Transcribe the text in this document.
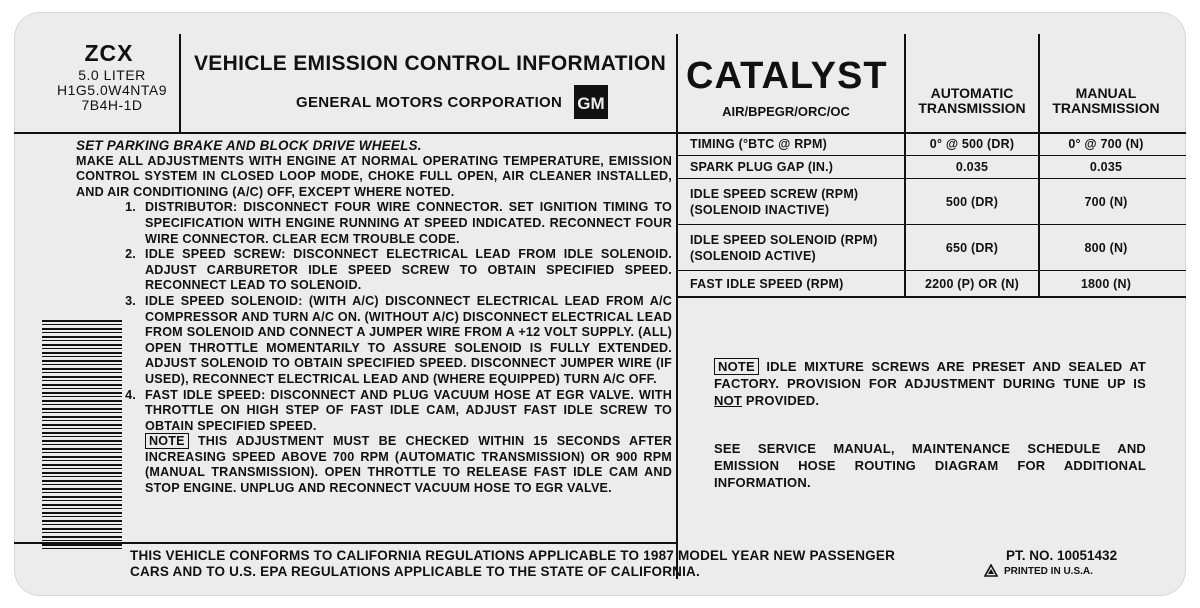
ZCX
5.0 LITER
H1G5.0W4NTA9
7B4H-1D
VEHICLE EMISSION CONTROL INFORMATION
GENERAL MOTORS CORPORATION GM
CATALYST
AIR/BPEGR/ORC/OC
AUTOMATIC
TRANSMISSION
MANUAL
TRANSMISSION
TIMING (°BTC @ RPM)	0° @ 500 (DR)	0° @ 700 (N)
SPARK PLUG GAP (IN.)	0.035	0.035
IDLE SPEED SCREW (RPM)
(SOLENOID INACTIVE)
500 (DR)	700 (N)
IDLE SPEED SOLENOID (RPM)
(SOLENOID ACTIVE)
650 (DR)	800 (N)
FAST IDLE SPEED (RPM)	2200 (P) OR (N)	1800 (N)
SET PARKING BRAKE AND BLOCK DRIVE WHEELS.
MAKE ALL ADJUSTMENTS WITH ENGINE AT NORMAL OPERATING TEMPERATURE, EMISSION CONTROL SYSTEM IN CLOSED LOOP MODE, CHOKE FULL OPEN, AIR CLEANER INSTALLED, AND AIR CONDITIONING (A/C) OFF, EXCEPT WHERE NOTED.
1. DISTRIBUTOR: DISCONNECT FOUR WIRE CONNECTOR. SET IGNITION TIMING TO SPECIFICATION WITH ENGINE RUNNING AT SPEED INDICATED. RECONNECT FOUR WIRE CONNECTOR. CLEAR ECM TROUBLE CODE.
2. IDLE SPEED SCREW: DISCONNECT ELECTRICAL LEAD FROM IDLE SOLENOID. ADJUST CARBURETOR IDLE SPEED SCREW TO OBTAIN SPECIFIED SPEED. RECONNECT LEAD TO SOLENOID.
3. IDLE SPEED SOLENOID: (WITH A/C) DISCONNECT ELECTRICAL LEAD FROM A/C COMPRESSOR AND TURN A/C ON. (WITHOUT A/C) DISCONNECT ELECTRICAL LEAD FROM SOLENOID AND CONNECT A JUMPER WIRE FROM A +12 VOLT SUPPLY. (ALL) OPEN THROTTLE MOMENTARILY TO ASSURE SOLENOID IS FULLY EXTENDED. ADJUST SOLENOID TO OBTAIN SPECIFIED SPEED. DISCONNECT JUMPER WIRE (IF USED), RECONNECT ELECTRICAL LEAD AND (WHERE EQUIPPED) TURN A/C OFF.
4. FAST IDLE SPEED: DISCONNECT AND PLUG VACUUM HOSE AT EGR VALVE. WITH THROTTLE ON HIGH STEP OF FAST IDLE CAM, ADJUST FAST IDLE SCREW TO OBTAIN SPECIFIED SPEED.
NOTE THIS ADJUSTMENT MUST BE CHECKED WITHIN 15 SECONDS AFTER INCREASING SPEED ABOVE 700 RPM (AUTOMATIC TRANSMISSION) OR 900 RPM (MANUAL TRANSMISSION). OPEN THROTTLE TO RELEASE FAST IDLE CAM AND STOP ENGINE. UNPLUG AND RECONNECT VACUUM HOSE TO EGR VALVE.
NOTE IDLE MIXTURE SCREWS ARE PRESET AND SEALED AT FACTORY. PROVISION FOR ADJUSTMENT DURING TUNE UP IS NOT PROVIDED.
SEE SERVICE MANUAL, MAINTENANCE SCHEDULE AND EMISSION HOSE ROUTING DIAGRAM FOR ADDITIONAL INFORMATION.
THIS VEHICLE CONFORMS TO CALIFORNIA REGULATIONS APPLICABLE TO 1987 MODEL YEAR NEW PASSENGER
CARS AND TO U.S. EPA REGULATIONS APPLICABLE TO THE STATE OF CALIFORNIA.
PT. NO. 10051432
PRINTED IN U.S.A.
